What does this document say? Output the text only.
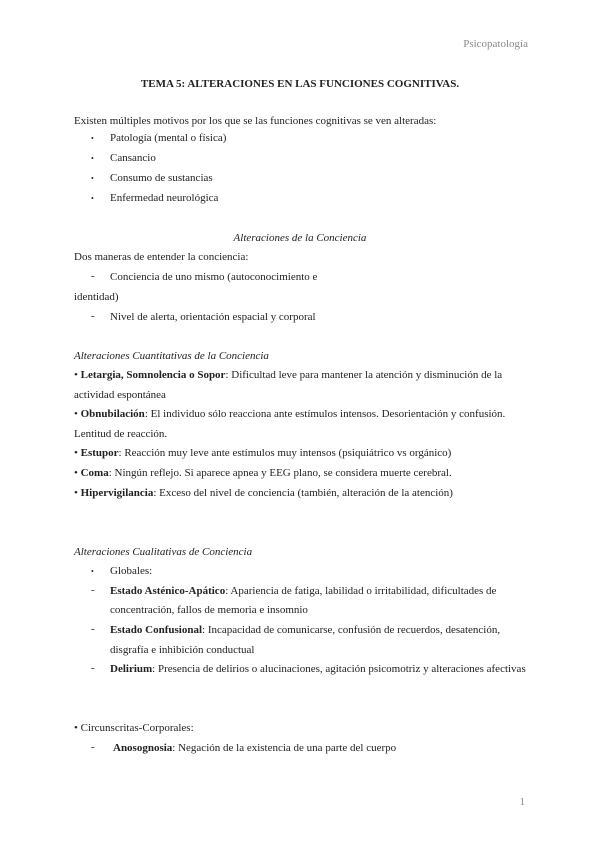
Psicopatología
TEMA 5: ALTERACIONES EN LAS FUNCIONES COGNITIVAS.
Existen múltiples motivos por los que se las funciones cognitivas se ven alteradas:
• Patología (mental o física)
• Cansancio
• Consumo de sustancias
• Enfermedad neurológica
Alteraciones de la Conciencia
Dos maneras de entender la conciencia:
- Conciencia de uno mismo (autoconocimiento e
identidad)
- Nivel de alerta, orientación espacial y corporal
Alteraciones Cuantitativas de la Conciencia
• Letargia, Somnolencia o Sopor: Dificultad leve para mantener la atención y disminución de la
actividad espontánea
• Obnubilación: El individuo sólo reacciona ante estímulos intensos. Desorientación y confusión.
Lentitud de reacción.
• Estupor: Reacción muy leve ante estímulos muy intensos (psiquiátrico vs orgánico)
• Coma: Ningún reflejo. Si aparece apnea y EEG plano, se considera muerte cerebral.
• Hipervigilancia: Exceso del nivel de conciencia (también, alteración de la atención)
Alteraciones Cualitativas de Conciencia
• Globales:
- Estado Asténico-Apático: Apariencia de fatiga, labilidad o irritabilidad, dificultades de
concentración, fallos de memoria e insomnio
- Estado Confusional: Incapacidad de comunicarse, confusión de recuerdos, desatención,
disgrafía e inhibición conductual
- Delirium: Presencia de delirios o alucinaciones, agitación psicomotriz y alteraciones afectivas
• Circunscritas-Corporales:
- Anosognosia: Negación de la existencia de una parte del cuerpo
1
